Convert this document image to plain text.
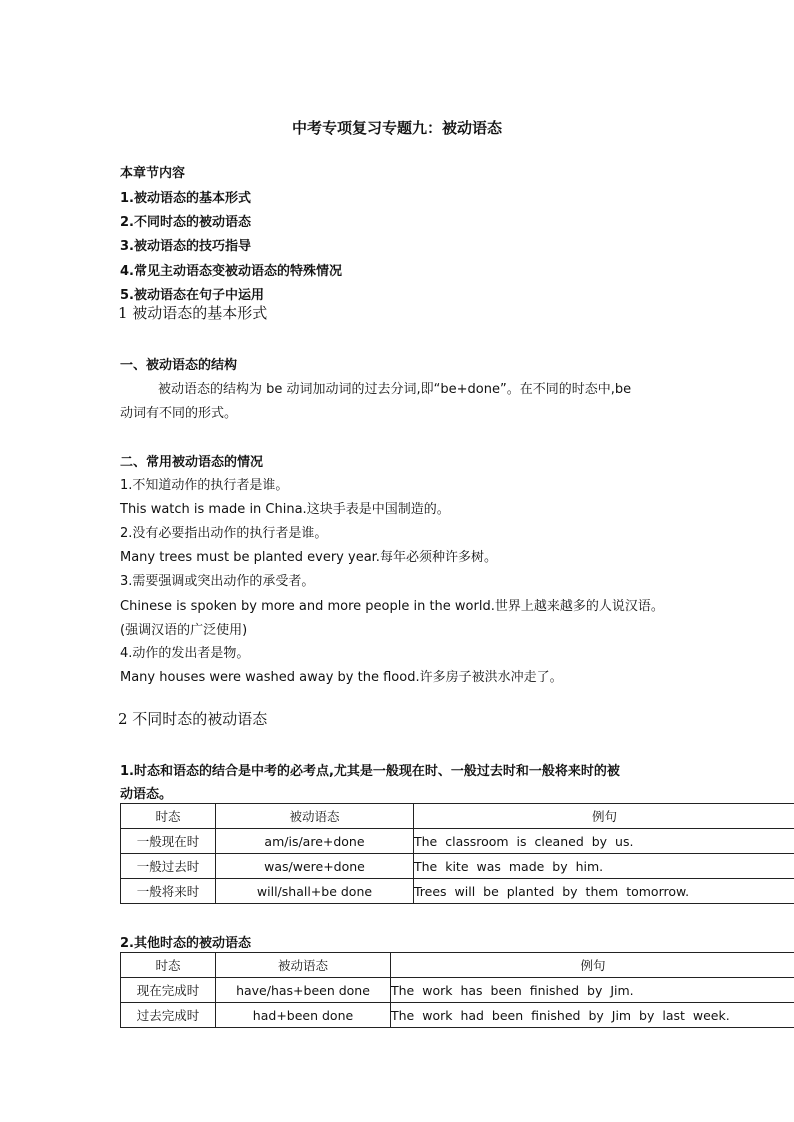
中考专项复习专题九：被动语态
本章节内容
1.被动语态的基本形式
2.不同时态的被动语态
3.被动语态的技巧指导
4.常见主动语态变被动语态的特殊情况
5.被动语态在句子中运用
1 被动语态的基本形式
一、被动语态的结构
被动语态的结构为 be 动词加动词的过去分词,即“be+done”。在不同的时态中,be
动词有不同的形式。
二、常用被动语态的情况
1.不知道动作的执行者是谁。
This watch is made in China.这块手表是中国制造的。
2.没有必要指出动作的执行者是谁。
Many trees must be planted every year.每年必须种许多树。
3.需要强调或突出动作的承受者。
Chinese is spoken by more and more people in the world.世界上越来越多的人说汉语。
(强调汉语的广泛使用)
4.动作的发出者是物。
Many houses were washed away by the flood.许多房子被洪水冲走了。
2 不同时态的被动语态
1.时态和语态的结合是中考的必考点,尤其是一般现在时、一般过去时和一般将来时的被
动语态。
时态	被动语态	例句
一般现在时	am/is/are+done	The classroom is cleaned by us.
一般过去时	was/were+done	The kite was made by him.
一般将来时	will/shall+be done	Trees will be planted by them tomorrow.
2.其他时态的被动语态
时态	被动语态	例句
现在完成时	have/has+been done	The work has been finished by Jim.
过去完成时	had+been done	The work had been finished by Jim by last week.
